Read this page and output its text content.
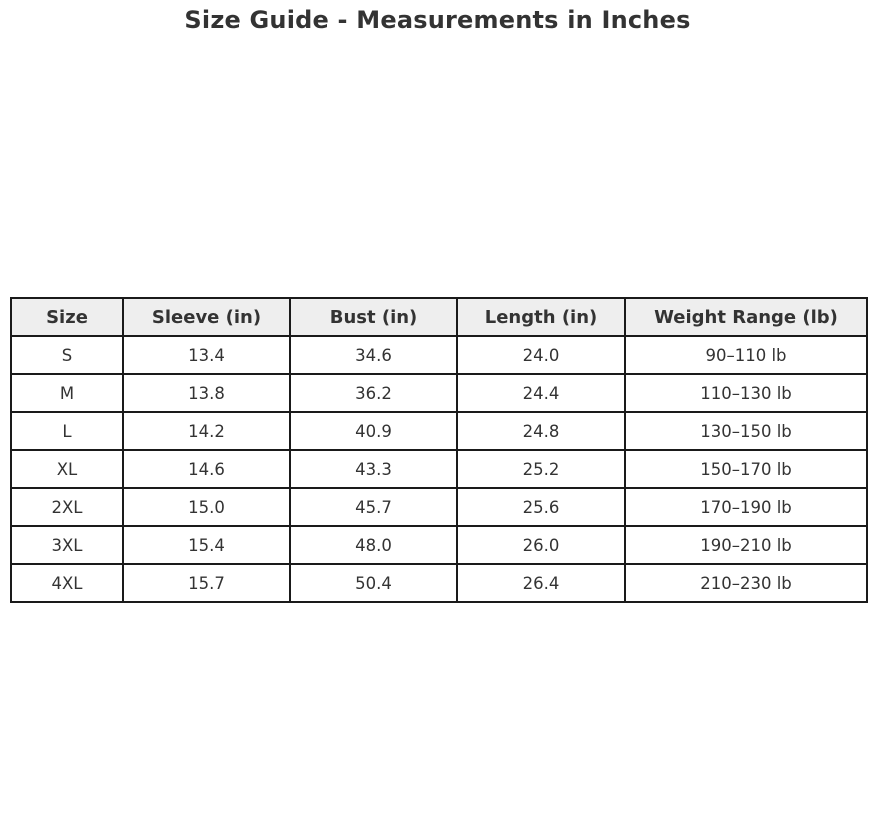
Size Guide - Measurements in Inches
Size	Sleeve (in)	Bust (in)	Length (in)	Weight Range (lb)
S	13.4	34.6	24.0	90–110 lb
M	13.8	36.2	24.4	110–130 lb
L	14.2	40.9	24.8	130–150 lb
XL	14.6	43.3	25.2	150–170 lb
2XL	15.0	45.7	25.6	170–190 lb
3XL	15.4	48.0	26.0	190–210 lb
4XL	15.7	50.4	26.4	210–230 lb
